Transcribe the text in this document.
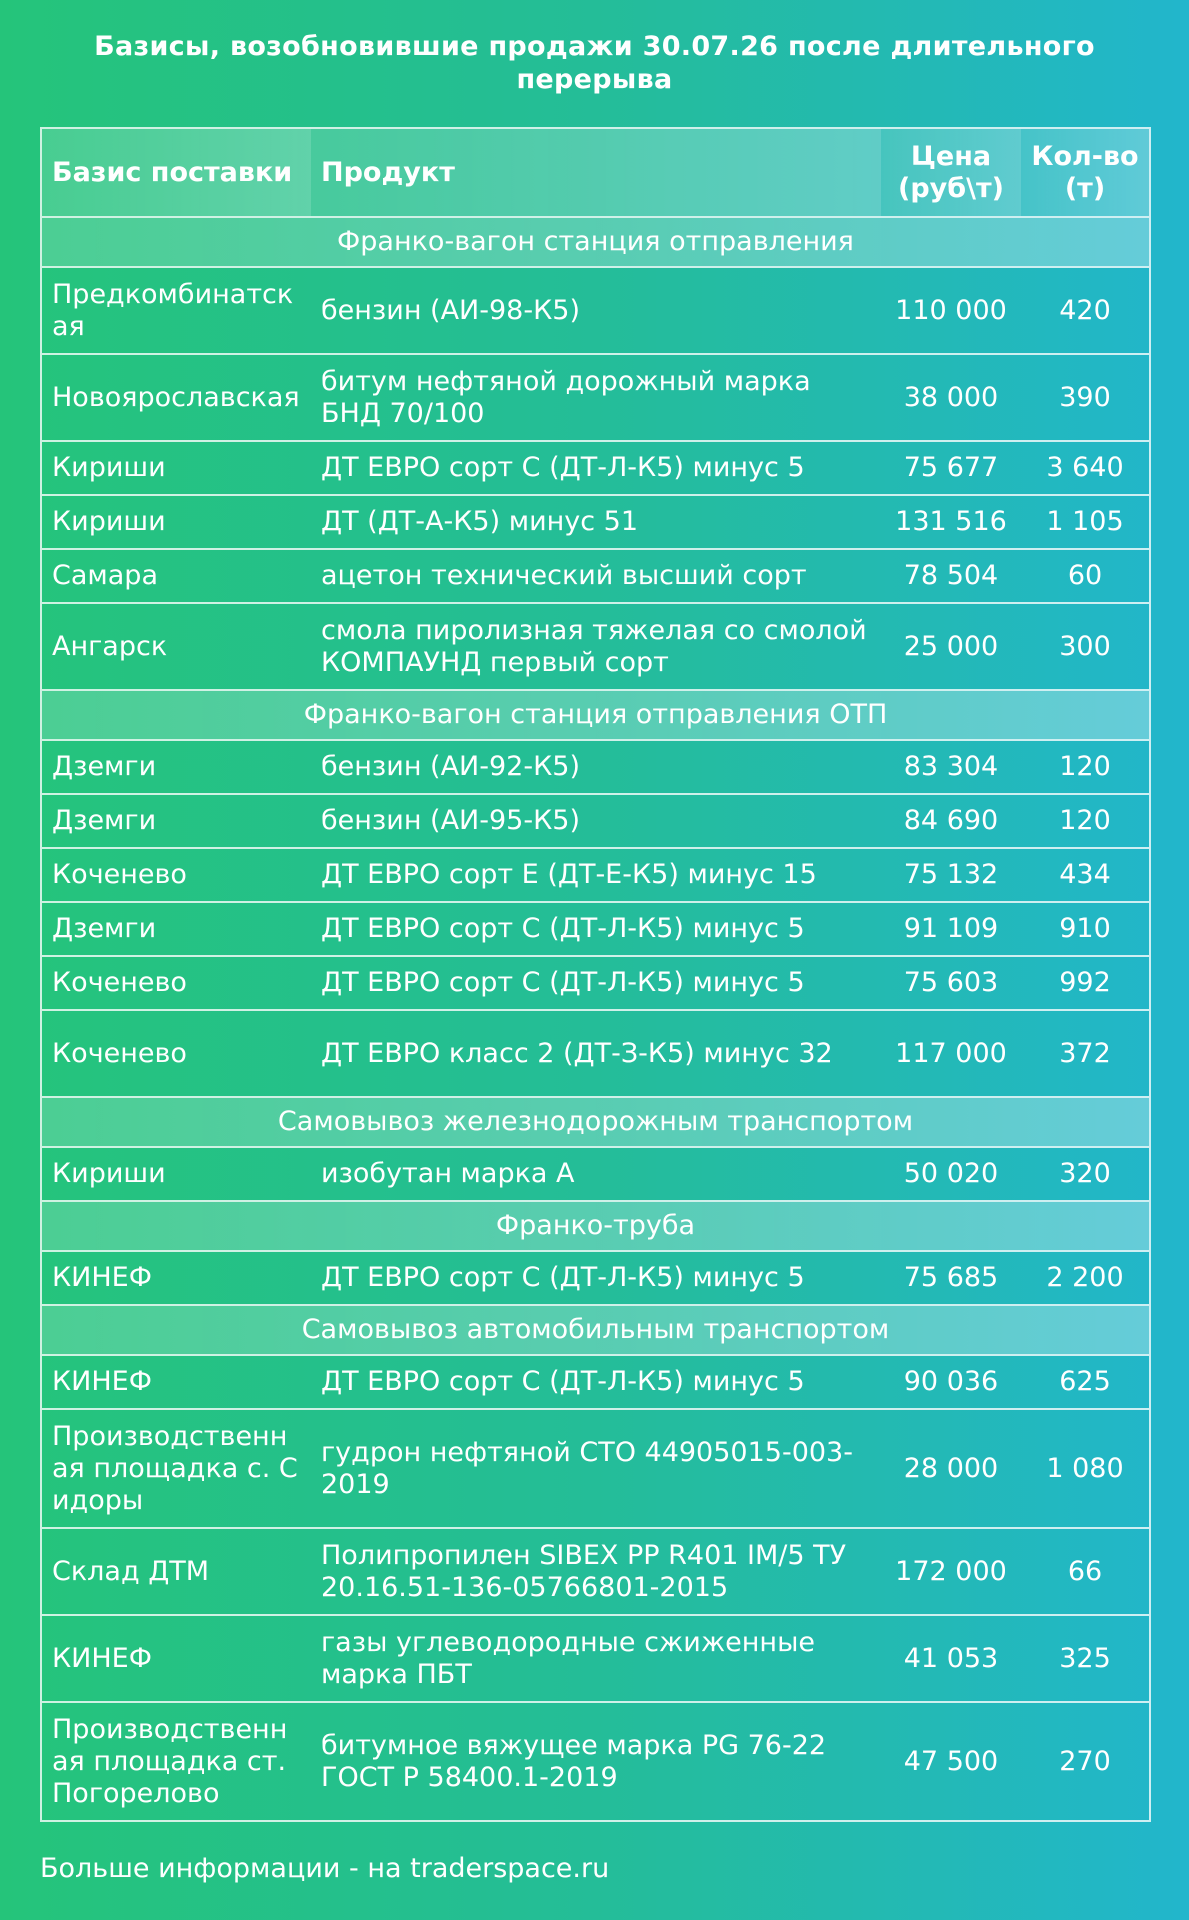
Базисы, возобновившие продажи 30.07.26 после длительного перерыва
Базис поставки	Продукт	Цена (руб\т)	Кол-во (т)
Франко-вагон станция отправления			
Предкомбинатская	бензин (АИ-98-К5)	110 000	420
Новоярославская	битум нефтяной дорожный марка БНД 70/100	38 000	390
Кириши	ДТ ЕВРО сорт С (ДТ-Л-К5) минус 5	75 677	3 640
Кириши	ДТ (ДТ-А-К5) минус 51	131 516	1 105
Самара	ацетон технический высший сорт	78 504	60
Ангарск	смола пиролизная тяжелая со смолой КОМПАУНД первый сорт	25 000	300
Франко-вагон станция отправления ОТП			
Дземги	бензин (АИ-92-К5)	83 304	120
Дземги	бензин (АИ-95-К5)	84 690	120
Коченево	ДТ ЕВРО сорт Е (ДТ-Е-К5) минус 15	75 132	434
Дземги	ДТ ЕВРО сорт С (ДТ-Л-К5) минус 5	91 109	910
Коченево	ДТ ЕВРО сорт С (ДТ-Л-К5) минус 5	75 603	992
Коченево	ДТ ЕВРО класс 2 (ДТ-З-К5) минус 32	117 000	372
Самовывоз железнодорожным транспортом			
Кириши	изобутан марка А	50 020	320
Франко-труба			
КИНЕФ	ДТ ЕВРО сорт С (ДТ-Л-К5) минус 5	75 685	2 200
Самовывоз автомобильным транспортом			
КИНЕФ	ДТ ЕВРО сорт С (ДТ-Л-К5) минус 5	90 036	625
Производственная площадка с. Сидоры	гудрон нефтяной СТО 44905015-003-2019	28 000	1 080
Склад ДТМ	Полипропилен SIBEX PP R401 IM/5 ТУ 20.16.51-136-05766801-2015	172 000	66
КИНЕФ	газы углеводородные сжиженные марка ПБТ	41 053	325
Производственная площадка ст. Погорелово	битумное вяжущее марка PG 76-22 ГОСТ Р 58400.1-2019	47 500	270
Больше информации - на traderspace.ru
